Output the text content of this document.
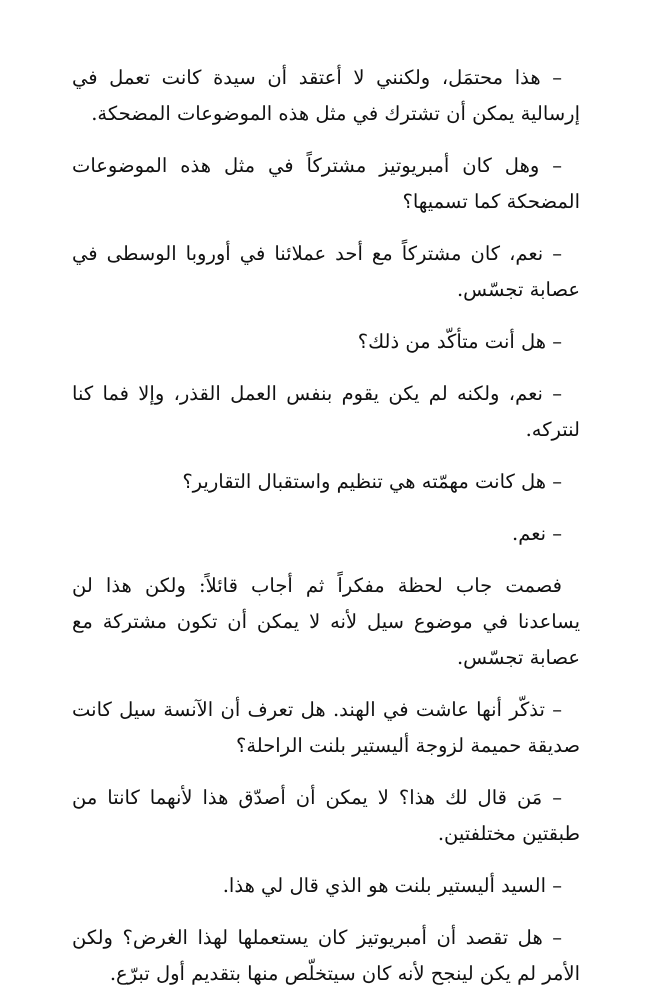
– هذا محتمَل، ولكنني لا أعتقد أن سيدة كانت تعمل في إرسالية يمكن أن تشترك في مثل هذه الموضوعات المضحكة.

– وهل كان أمبريوتيز مشتركاً في مثل هذه الموضوعات المضحكة كما تسميها؟

– نعم، كان مشتركاً مع أحد عملائنا في أوروبا الوسطى في عصابة تجسّس.

– هل أنت متأكّد من ذلك؟

– نعم، ولكنه لم يكن يقوم بنفس العمل القذر، وإلا فما كنا لنتركه.

– هل كانت مهمّته هي تنظيم واستقبال التقارير؟

– نعم.

فصمت جاب لحظة مفكراً ثم أجاب قائلاً: ولكن هذا لن يساعدنا في موضوع سيل لأنه لا يمكن أن تكون مشتركة مع عصابة تجسّس.

– تذكّر أنها عاشت في الهند. هل تعرف أن الآنسة سيل كانت صديقة حميمة لزوجة أليستير بلنت الراحلة؟

– مَن قال لك هذا؟ لا يمكن أن أصدّق هذا لأنهما كانتا من طبقتين مختلفتين.

– السيد أليستير بلنت هو الذي قال لي هذا.

– هل تقصد أن أمبريوتيز كان يستعملها لهذا الغرض؟ ولكن الأمر لم يكن لينجح لأنه كان سيتخلّص منها بتقديم أول تبرّع.
